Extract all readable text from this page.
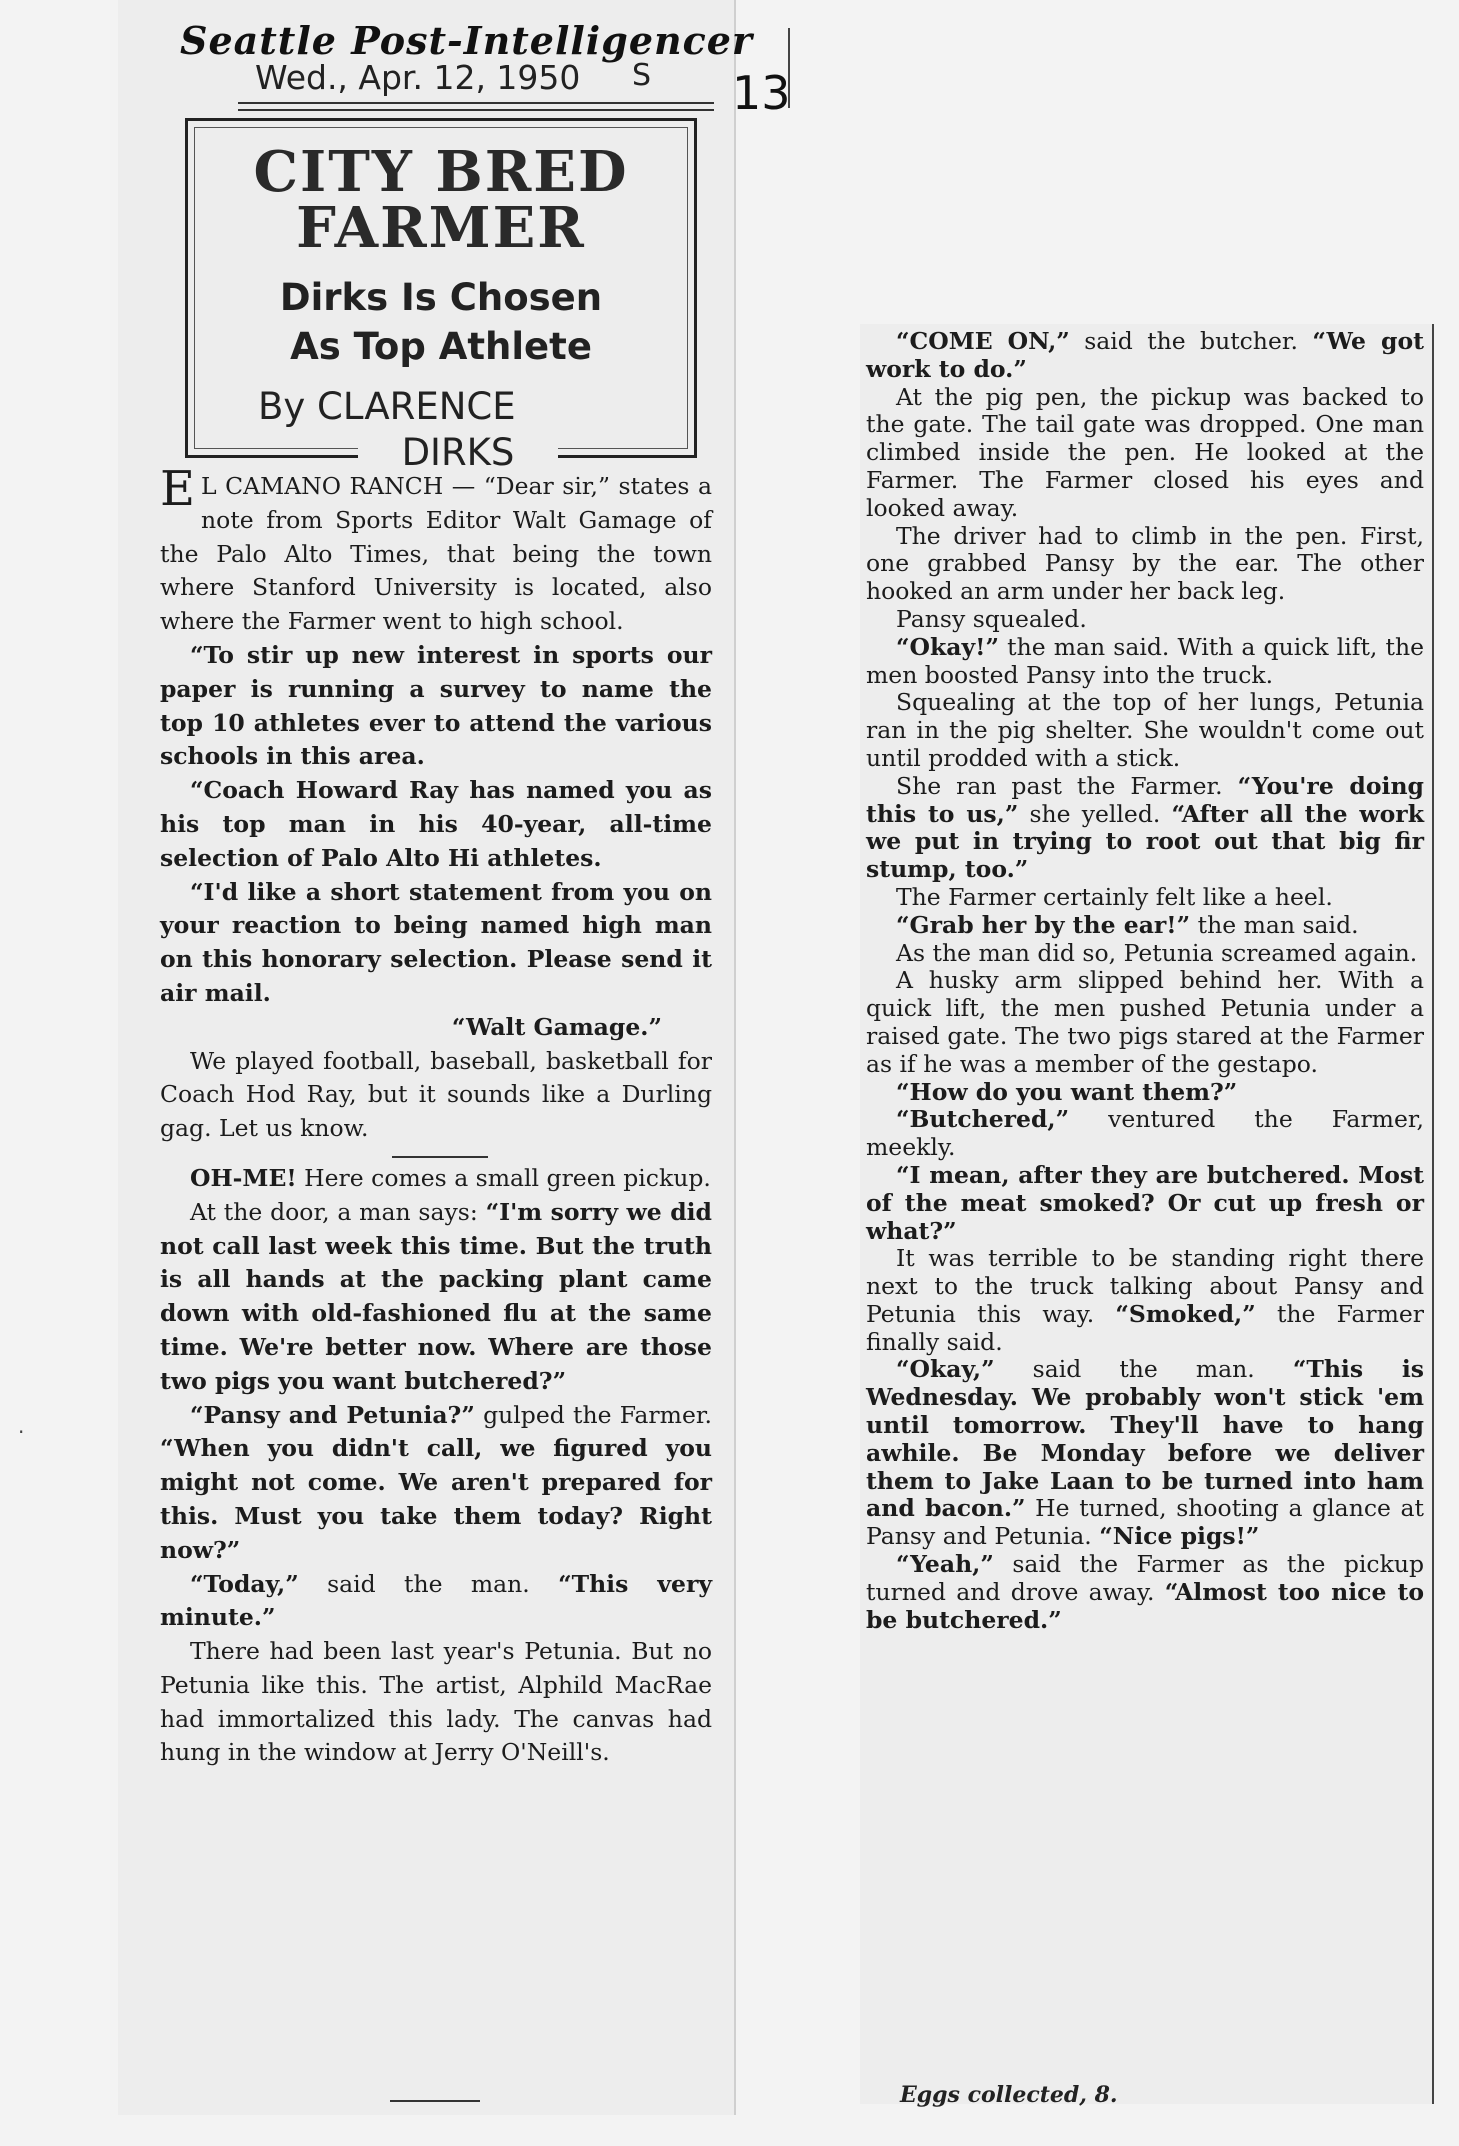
Seattle Post-Intelligencer
Wed., Apr. 12, 1950 S 13
CITY BRED
FARMER
Dirks Is Chosen
As Top Athlete
By CLARENCE
DIRKS

E L CAMANO RANCH — “Dear sir,” states a note from Sports Editor Walt Gamage of the Palo Alto Times, that being the town where Stanford University is located, also where the Farmer went to high school.

“To stir up new interest in sports our paper is running a survey to name the top 10 athletes ever to attend the various schools in this area.

“Coach Howard Ray has named you as his top man in his 40-year, all-time selection of Palo Alto Hi athletes.

“I'd like a short statement from you on your reaction to being named high man on this honorary selection. Please send it air mail.

“Walt Gamage.”

We played football, baseball, basketball for Coach Hod Ray, but it sounds like a Durling gag. Let us know.

OH-ME! Here comes a small green pickup.

At the door, a man says: “I'm sorry we did not call last week this time. But the truth is all hands at the packing plant came down with old-fashioned flu at the same time. We're better now. Where are those two pigs you want butchered?”

“Pansy and Petunia?” gulped the Farmer. “When you didn't call, we figured you might not come. We aren't prepared for this. Must you take them today? Right now?”

“Today,” said the man. “This very minute.”

There had been last year's Petunia. But no Petunia like this. The artist, Alphild MacRae had immortalized this lady. The canvas had hung in the window at Jerry O'Neill's.

“COME ON,” said the butcher. “We got work to do.”

At the pig pen, the pickup was backed to the gate. The tail gate was dropped. One man climbed inside the pen. He looked at the Farmer. The Farmer closed his eyes and looked away.

The driver had to climb in the pen. First, one grabbed Pansy by the ear. The other hooked an arm under her back leg.

Pansy squealed.

“Okay!” the man said. With a quick lift, the men boosted Pansy into the truck.

Squealing at the top of her lungs, Petunia ran in the pig shelter. She wouldn't come out until prodded with a stick.

She ran past the Farmer. “You're doing this to us,” she yelled. “After all the work we put in trying to root out that big fir stump, too.”

The Farmer certainly felt like a heel.

“Grab her by the ear!” the man said.

As the man did so, Petunia screamed again.

A husky arm slipped behind her. With a quick lift, the men pushed Petunia under a raised gate. The two pigs stared at the Farmer as if he was a member of the gestapo.

“How do you want them?”

“Butchered,” ventured the Farmer, meekly.

“I mean, after they are butchered. Most of the meat smoked? Or cut up fresh or what?”

It was terrible to be standing right there next to the truck talking about Pansy and Petunia this way. “Smoked,” the Farmer finally said.

“Okay,” said the man. “This is Wednesday. We probably won't stick 'em until tomorrow. They'll have to hang awhile. Be Monday before we deliver them to Jake Laan to be turned into ham and bacon.” He turned, shooting a glance at Pansy and Petunia. “Nice pigs!”

“Yeah,” said the Farmer as the pickup turned and drove away. “Almost too nice to be butchered.”

Eggs collected, 8.
·
